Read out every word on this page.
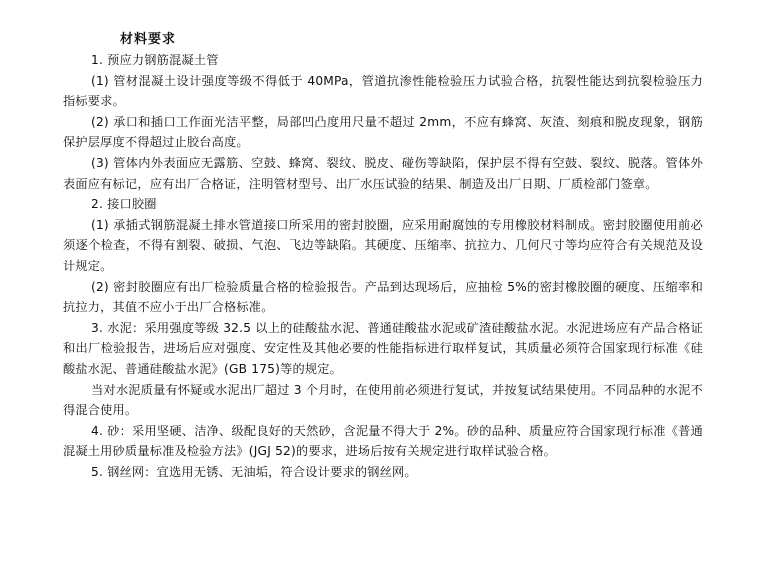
材料要求

1. 预应力钢筋混凝土管

(1) 管材混凝土设计强度等级不得低于 40MPa，管道抗渗性能检验压力试验合格，抗裂性能达到抗裂检验压力指标要求。

(2) 承口和插口工作面光洁平整，局部凹凸度用尺量不超过 2mm，不应有蜂窝、灰渣、刻痕和脱皮现象，钢筋保护层厚度不得超过止胶台高度。

(3) 管体内外表面应无露筋、空鼓、蜂窝、裂纹、脱皮、碰伤等缺陷，保护层不得有空鼓、裂纹、脱落。管体外表面应有标记，应有出厂合格证，注明管材型号、出厂水压试验的结果、制造及出厂日期、厂质检部门签章。

2. 接口胶圈

(1) 承插式钢筋混凝土排水管道接口所采用的密封胶圈，应采用耐腐蚀的专用橡胶材料制成。密封胶圈使用前必须逐个检查，不得有割裂、破损、气泡、飞边等缺陷。其硬度、压缩率、抗拉力、几何尺寸等均应符合有关规范及设计规定。

(2) 密封胶圈应有出厂检验质量合格的检验报告。产品到达现场后，应抽检 5%的密封橡胶圈的硬度、压缩率和抗拉力，其值不应小于出厂合格标准。

3. 水泥：采用强度等级 32.5 以上的硅酸盐水泥、普通硅酸盐水泥或矿渣硅酸盐水泥。水泥进场应有产品合格证和出厂检验报告，进场后应对强度、安定性及其他必要的性能指标进行取样复试，其质量必须符合国家现行标准《硅酸盐水泥、普通硅酸盐水泥》(GB 175)等的规定。

当对水泥质量有怀疑或水泥出厂超过 3 个月时，在使用前必须进行复试，并按复试结果使用。不同品种的水泥不得混合使用。

4. 砂：采用坚硬、洁净、级配良好的天然砂，含泥量不得大于 2%。砂的品种、质量应符合国家现行标准《普通混凝土用砂质量标准及检验方法》(JGJ 52)的要求，进场后按有关规定进行取样试验合格。

5. 钢丝网：宜选用无锈、无油垢，符合设计要求的钢丝网。
